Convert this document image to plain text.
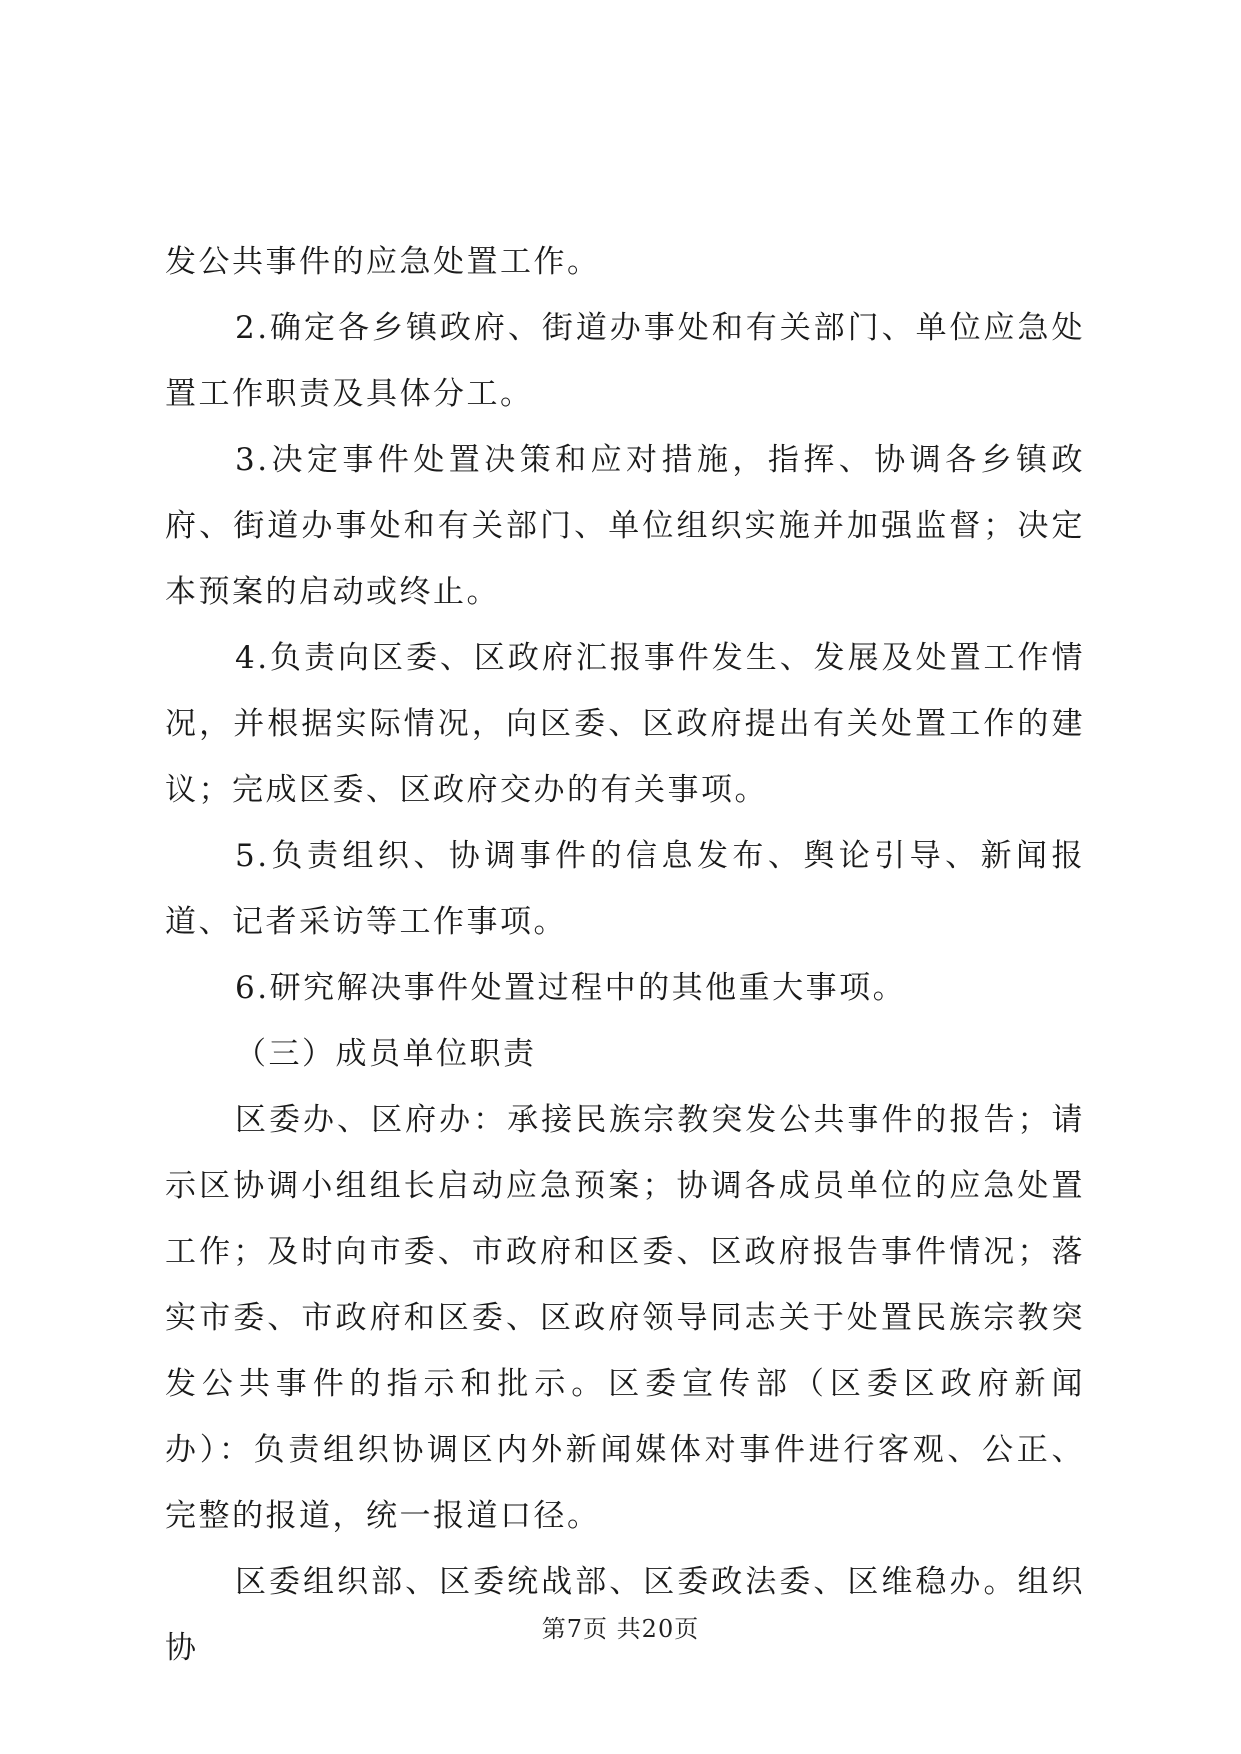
发公共事件的应急处置工作。

2.确定各乡镇政府、街道办事处和有关部门、单位应急处置工作职责及具体分工。

3.决定事件处置决策和应对措施，指挥、协调各乡镇政府、街道办事处和有关部门、单位组织实施并加强监督；决定本预案的启动或终止。

4.负责向区委、区政府汇报事件发生、发展及处置工作情况，并根据实际情况，向区委、区政府提出有关处置工作的建议；完成区委、区政府交办的有关事项。

5.负责组织、协调事件的信息发布、舆论引导、新闻报道、记者采访等工作事项。

6.研究解决事件处置过程中的其他重大事项。

（三）成员单位职责

区委办、区府办：承接民族宗教突发公共事件的报告；请示区协调小组组长启动应急预案；协调各成员单位的应急处置工作；及时向市委、市政府和区委、区政府报告事件情况；落实市委、市政府和区委、区政府领导同志关于处置民族宗教突发公共事件的指示和批示。区委宣传部（区委区政府新闻办）：负责组织协调区内外新闻媒体对事件进行客观、公正、完整的报道，统一报道口径。

区委组织部、区委统战部、区委政法委、区维稳办。组织协

第7页 共20页
